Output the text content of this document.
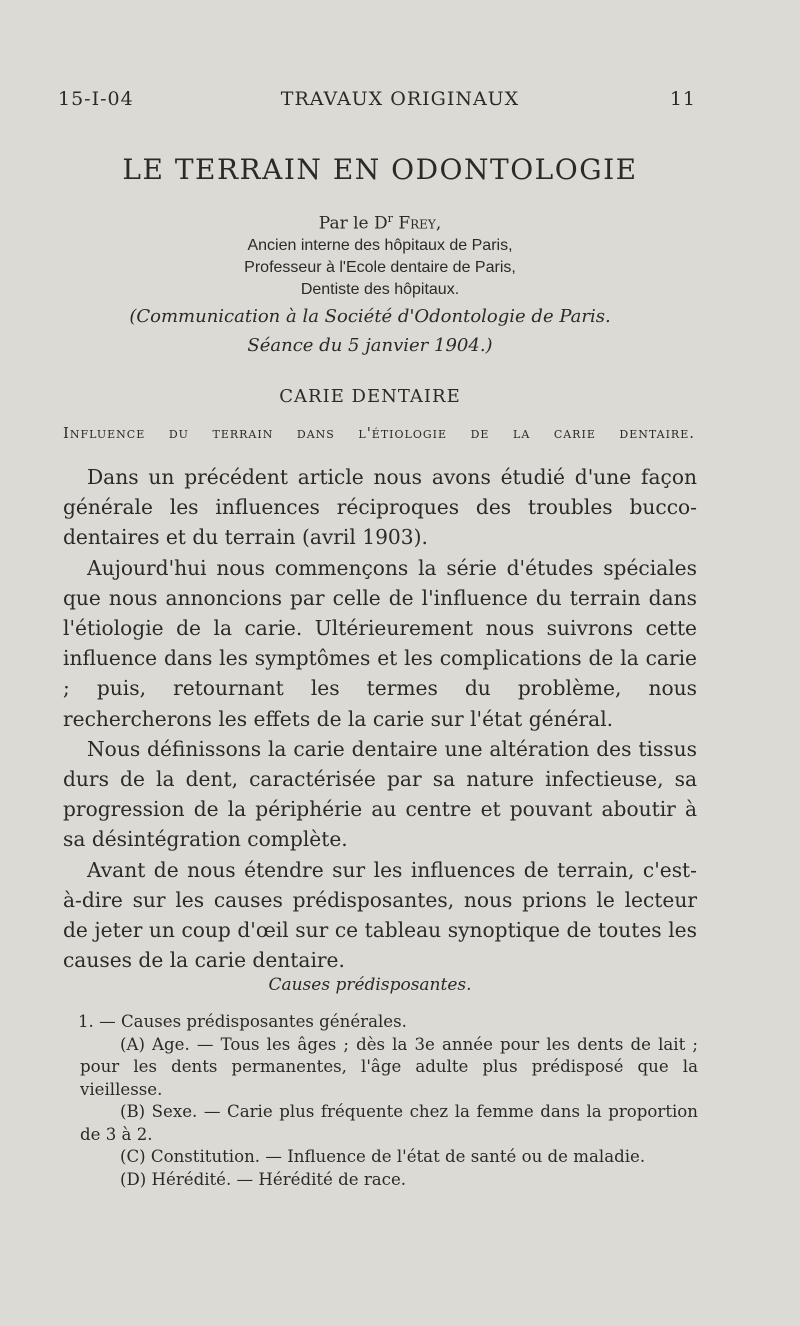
15-I-04	TRAVAUX ORIGINAUX	11
LE TERRAIN EN ODONTOLOGIE
Par le $D^r$ Frey,
Ancien interne des hôpitaux de Paris,
Professeur à l'Ecole dentaire de Paris,
Dentiste des hôpitaux.
(Communication à la Société d'Odontologie de Paris.
Séance du 5 janvier 1904.)
CARIE DENTAIRE
Influence du terrain dans l'étiologie de la carie dentaire.

Dans un précédent article nous avons étudié d'une façon générale les influences réciproques des troubles bucco-dentaires et du terrain (avril 1903).

Aujourd'hui nous commençons la série d'études spéciales que nous annoncions par celle de l'influence du terrain dans l'étiologie de la carie. Ultérieurement nous suivrons cette influence dans les symptômes et les complications de la carie ; puis, retournant les termes du problème, nous rechercherons les effets de la carie sur l'état général.

Nous définissons la carie dentaire une altération des tissus durs de la dent, caractérisée par sa nature infectieuse, sa progression de la périphérie au centre et pouvant aboutir à sa désintégration complète.

Avant de nous étendre sur les influences de terrain, c'est-à-dire sur les causes prédisposantes, nous prions le lecteur de jeter un coup d'œil sur ce tableau synoptique de toutes les causes de la carie dentaire.

Causes prédisposantes.

1. — Causes prédisposantes générales.

(A) Age. — Tous les âges ; dès la 3e année pour les dents de lait ; pour les dents permanentes, l'âge adulte plus prédisposé que la vieillesse.

(B) Sexe. — Carie plus fréquente chez la femme dans la proportion de 3 à 2.

(C) Constitution. — Influence de l'état de santé ou de maladie.

(D) Hérédité. — Hérédité de race.
